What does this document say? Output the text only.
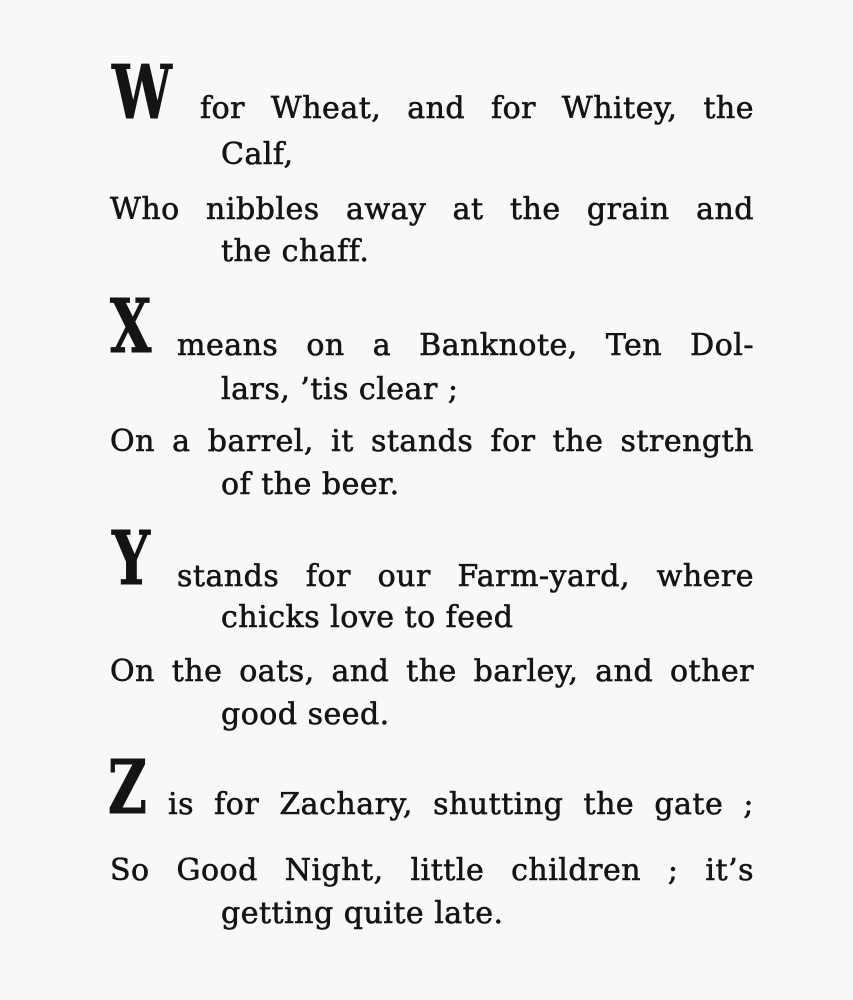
W for Wheat, and for Whitey, the
Calf,
Who nibbles away at the grain and
the chaff.
X means on a Banknote, Ten Dol-
lars, ’tis clear ;
On a barrel, it stands for the strength
of the beer.
Y stands for our Farm-yard, where
chicks love to feed
On the oats, and the barley, and other
good seed.
Z is for Zachary, shutting the gate ;
So Good Night, little children ; it’s
getting quite late.
